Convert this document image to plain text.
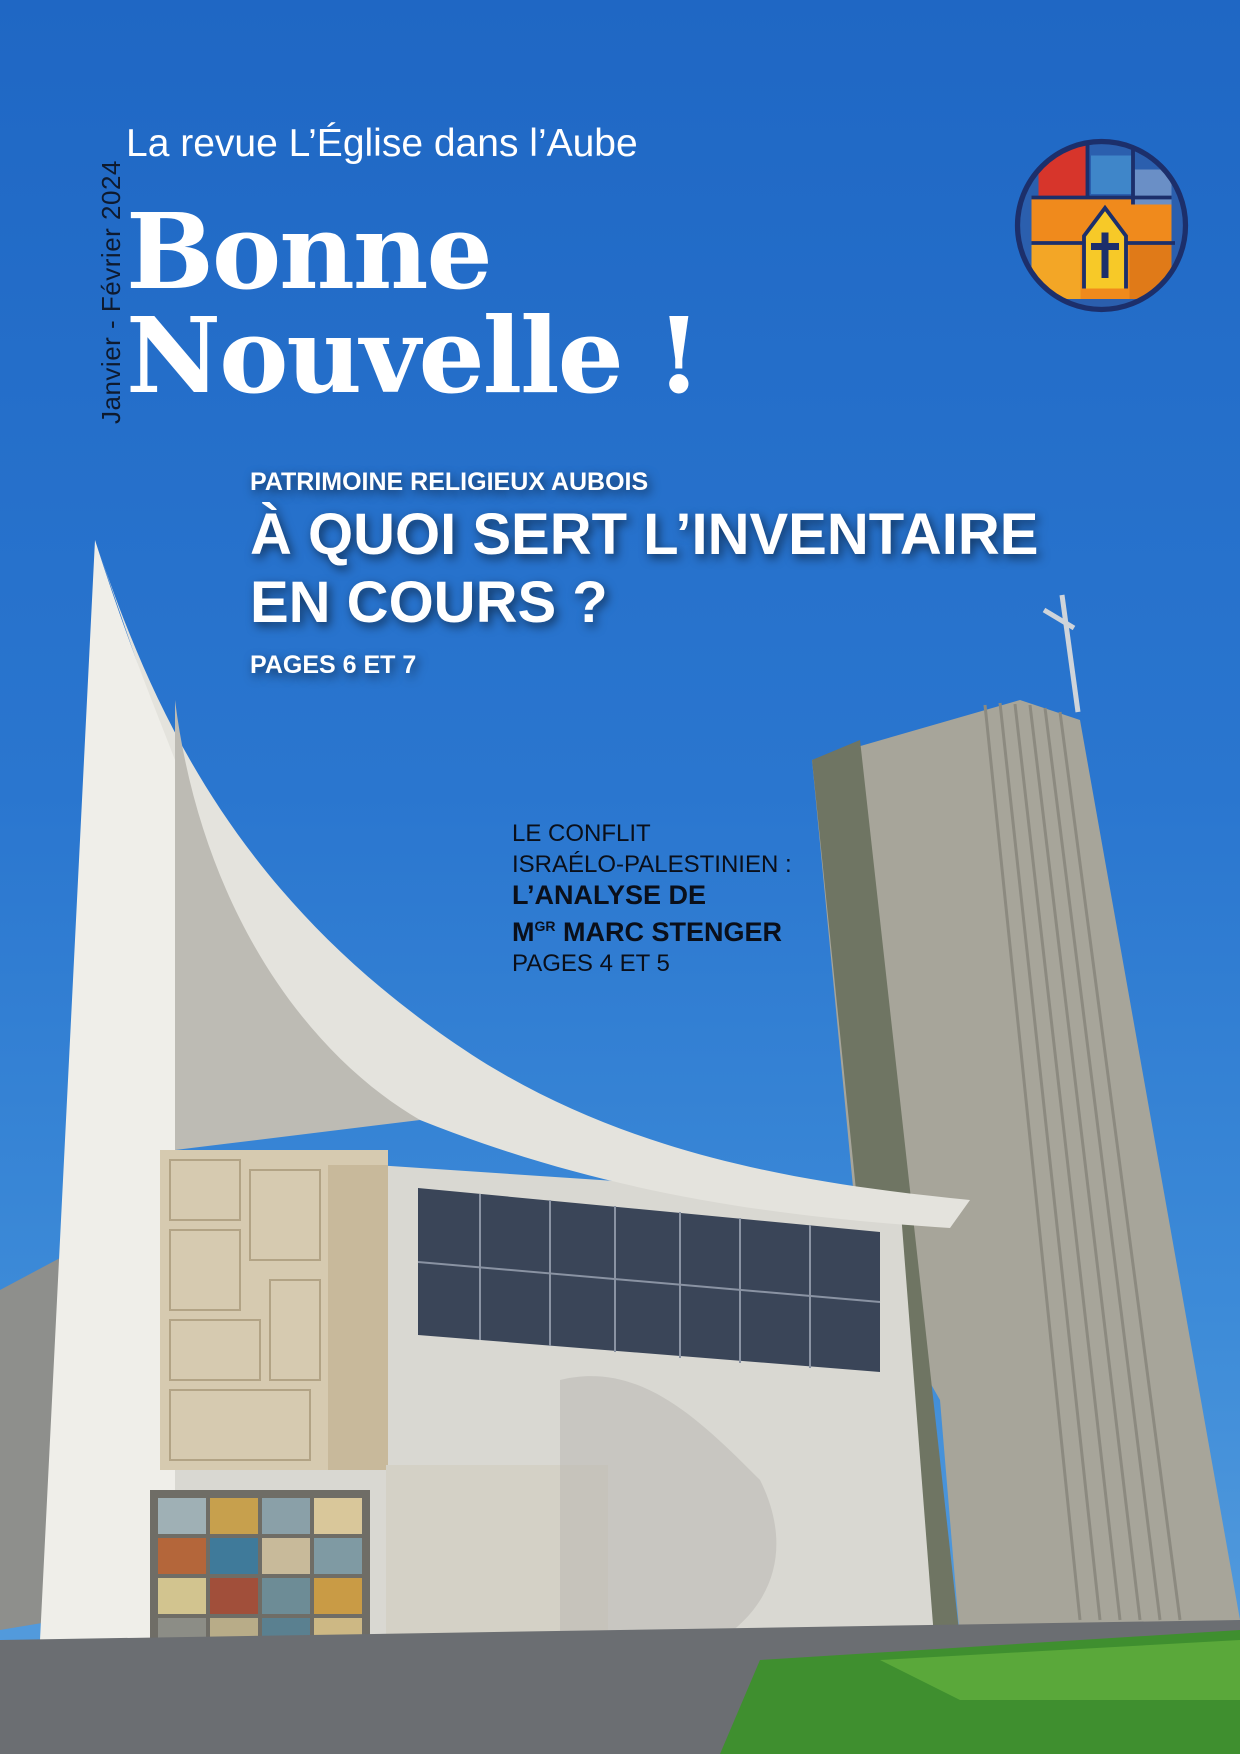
Janvier - Février 2024
La revue L’Église dans l’Aube
Bonne
Nouvelle !
PATRIMOINE RELIGIEUX AUBOIS
À QUOI SERT L’INVENTAIRE
EN COURS ?
PAGES 6 ET 7
LE CONFLIT
ISRAÉLO-PALESTINIEN :
L’ANALYSE DE
$M^{GR}$ MARC STENGER
PAGES 4 ET 5
